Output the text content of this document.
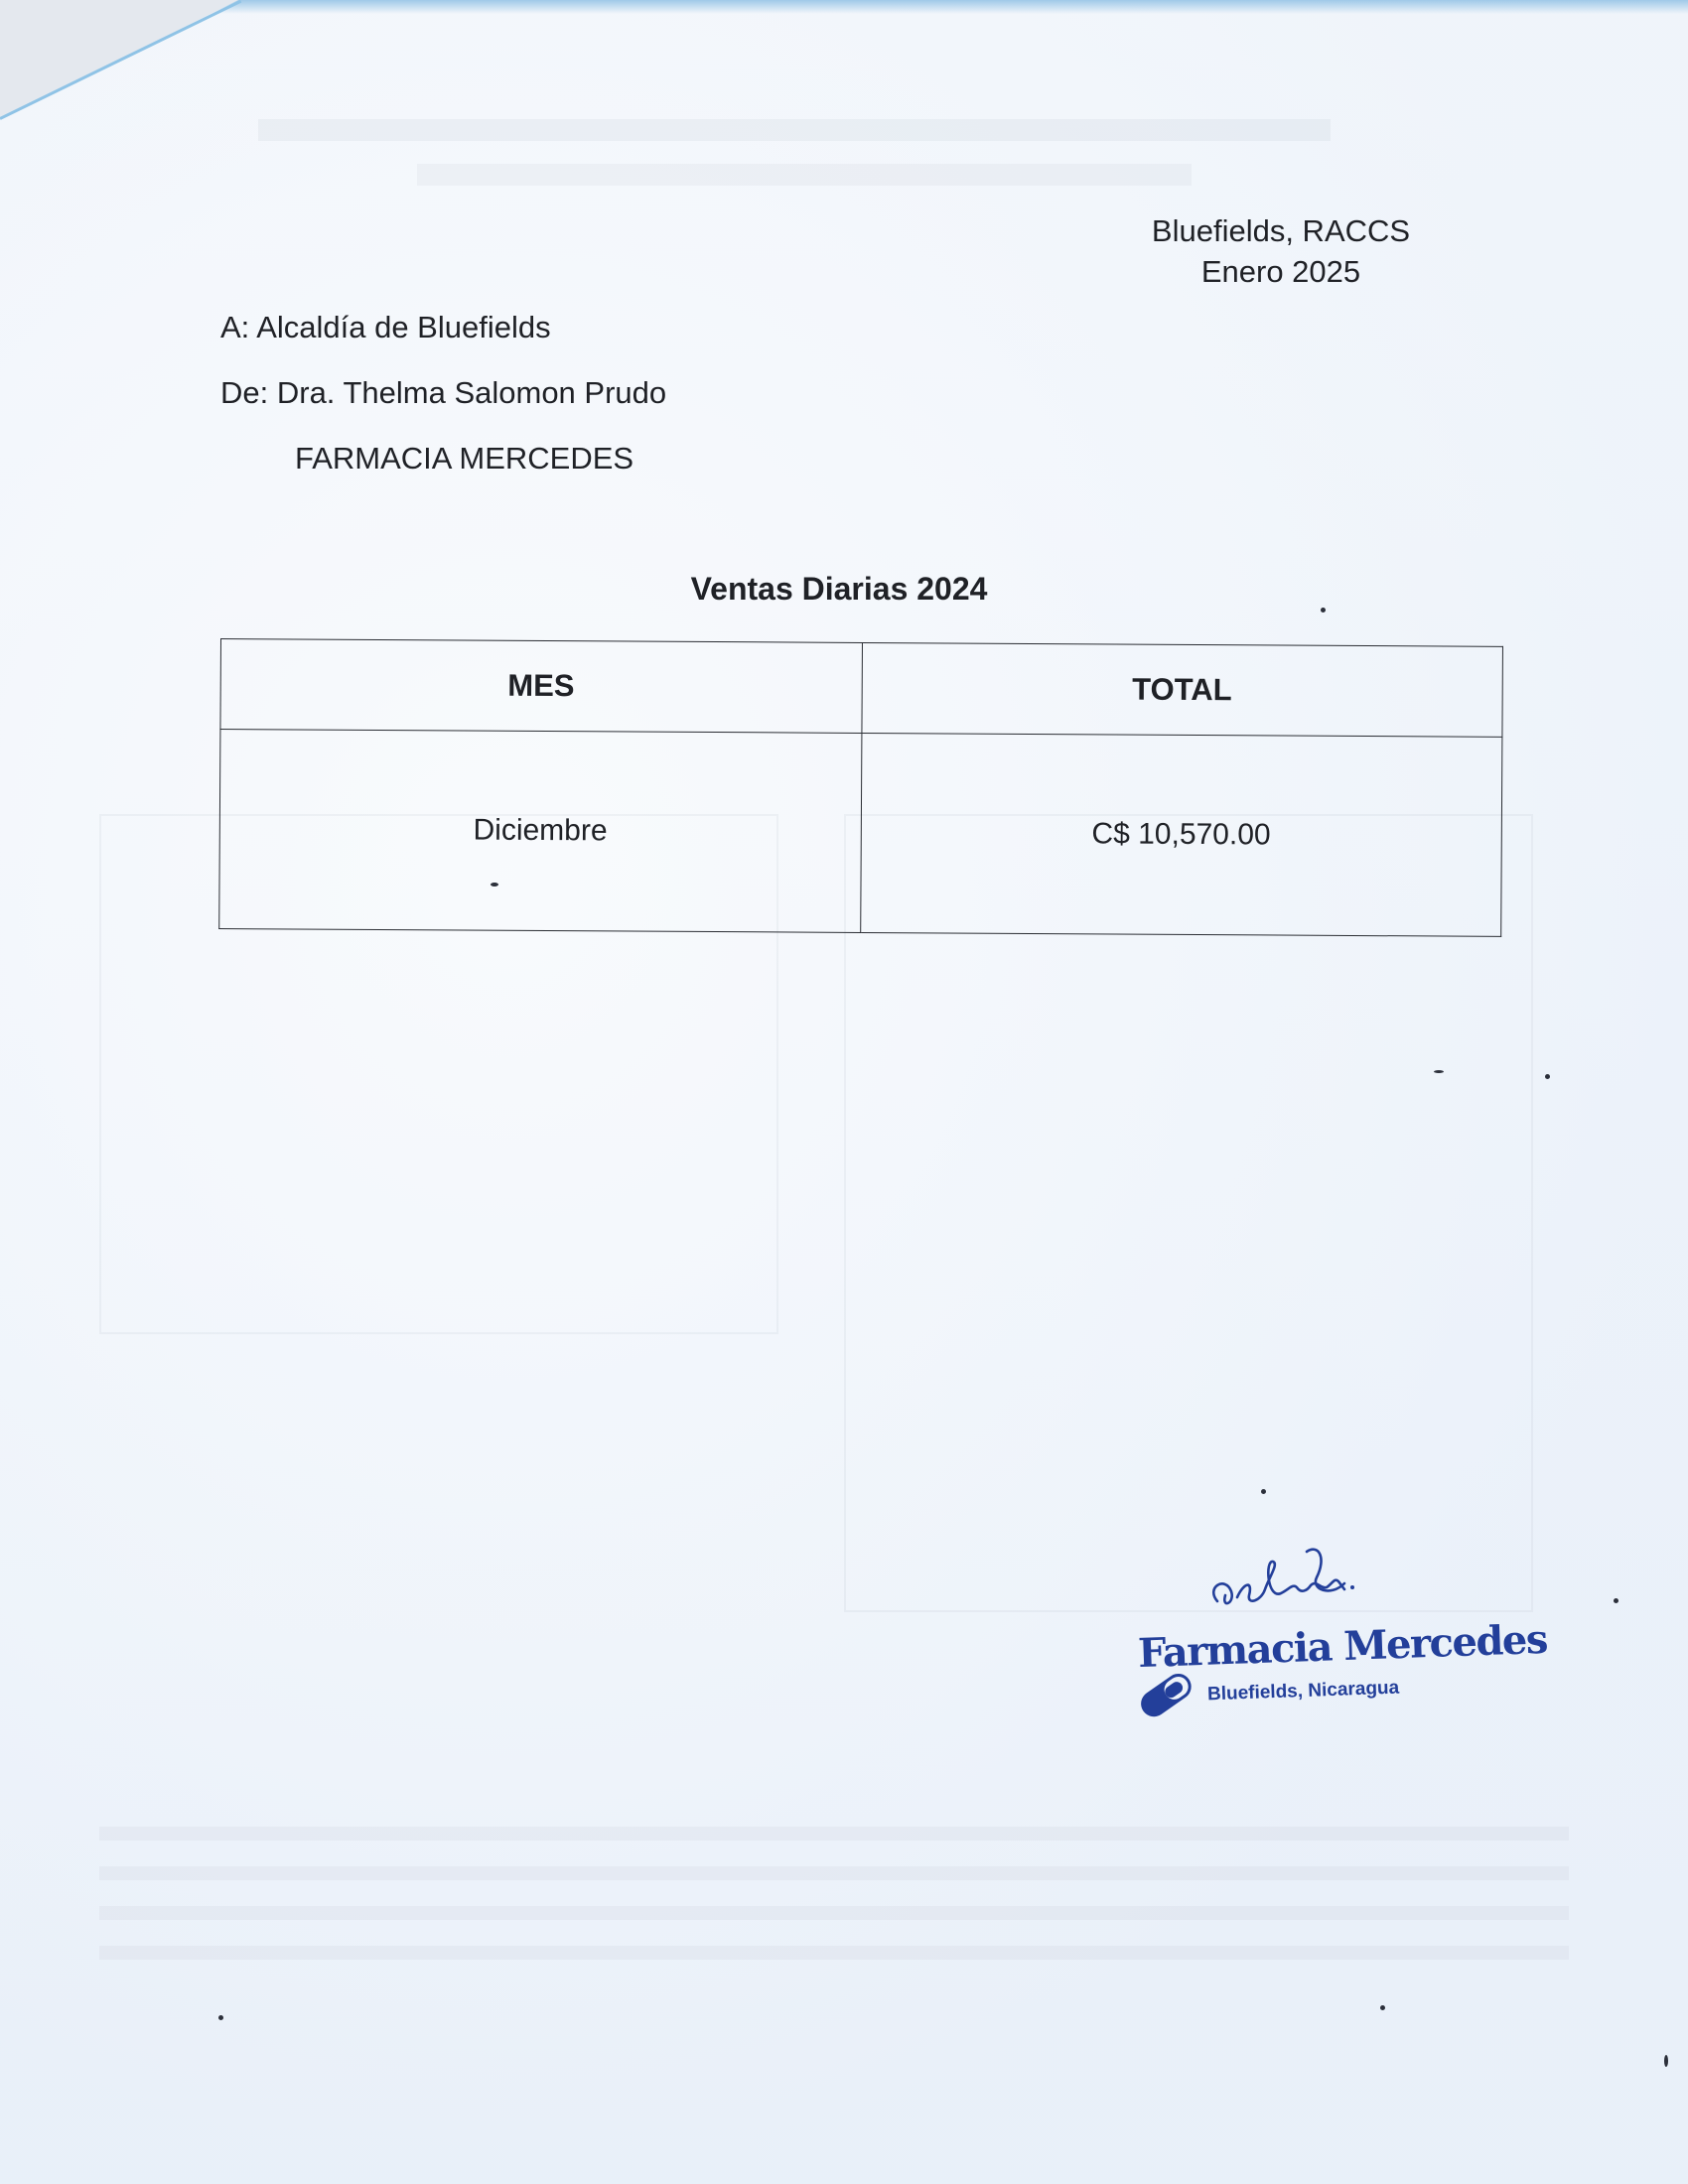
Bluefields, RACCS
Enero 2025
A: Alcaldía de Bluefields
De: Dra. Thelma Salomon Prudo
FARMACIA MERCEDES
Ventas Diarias 2024
MES	TOTAL
Diciembre	C$ 10,570.00
Farmacia Mercedes
Bluefields, Nicaragua
